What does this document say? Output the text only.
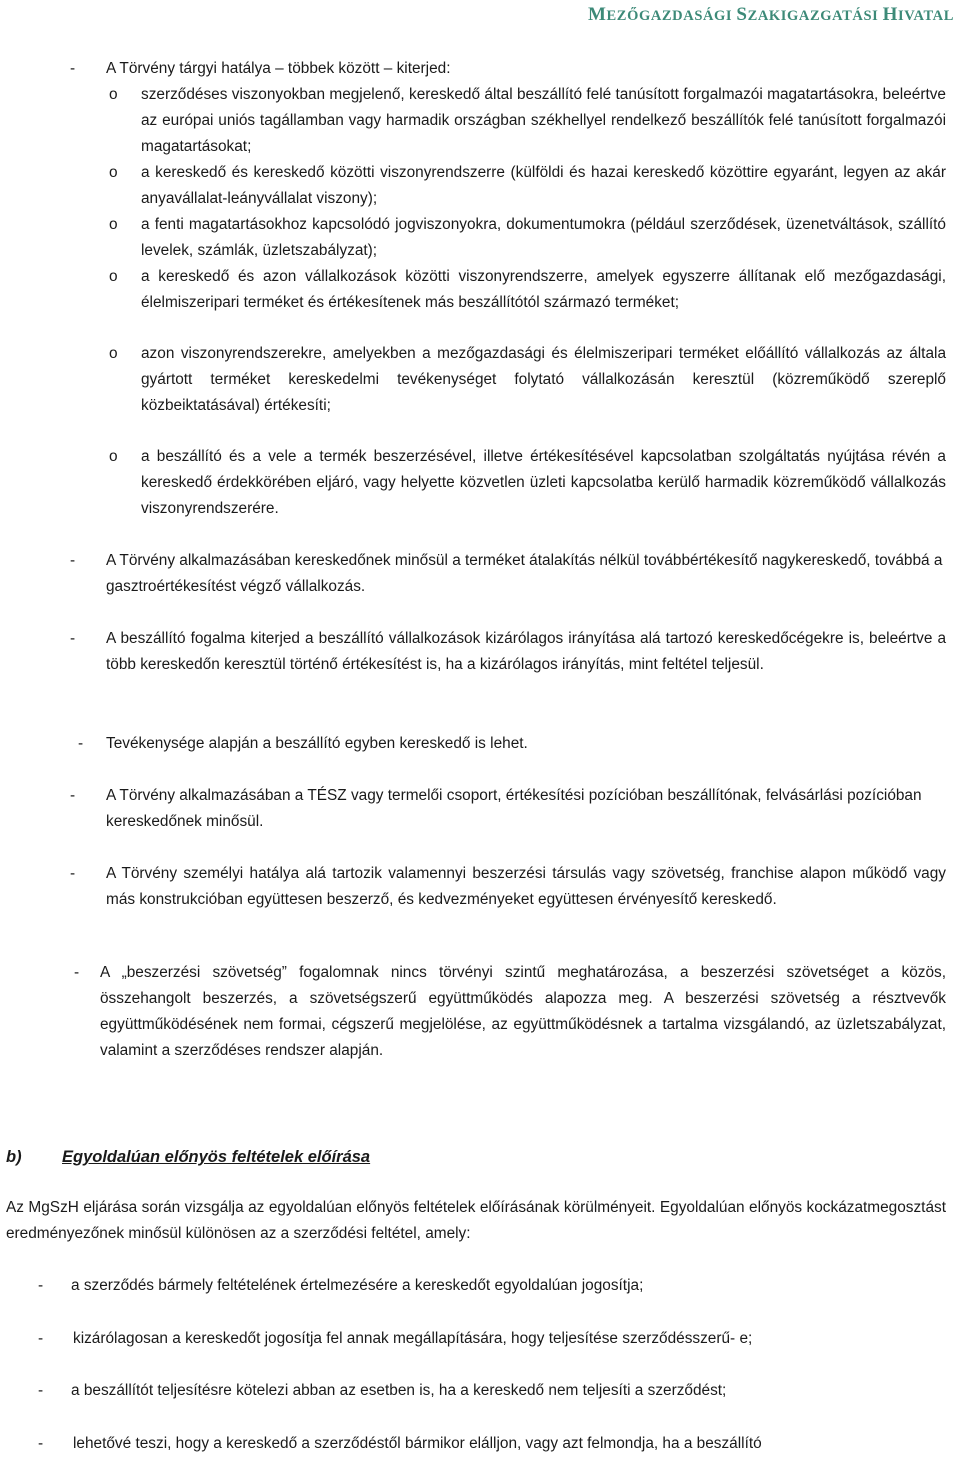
MEZŐGAZDASÁGI SZAKIGAZGATÁSI HIVATAL
- A Törvény tárgyi hatálya – többek között – kiterjed:
o szerződéses viszonyokban megjelenő, kereskedő által beszállító felé tanúsított forgalmazói magatartásokra, beleértve az európai uniós tagállamban vagy harmadik országban székhellyel rendelkező beszállítók felé tanúsított forgalmazói magatartásokat;
o a kereskedő és kereskedő közötti viszonyrendszerre (külföldi és hazai kereskedő közöttire egyaránt, legyen az akár anyavállalat-leányvállalat viszony);
o a fenti magatartásokhoz kapcsolódó jogviszonyokra, dokumentumokra (például szerződések, üzenetváltások, szállító levelek, számlák, üzletszabályzat);
o a kereskedő és azon vállalkozások közötti viszonyrendszerre, amelyek egyszerre állítanak elő mezőgazdasági, élelmiszeripari terméket és értékesítenek más beszállítótól származó terméket;
o azon viszonyrendszerekre, amelyekben a mezőgazdasági és élelmiszeripari terméket előállító vállalkozás az általa gyártott terméket kereskedelmi tevékenységet folytató vállalkozásán keresztül (közreműködő szereplő közbeiktatásával) értékesíti;
o a beszállító és a vele a termék beszerzésével, illetve értékesítésével kapcsolatban szolgáltatás nyújtása révén a kereskedő érdekkörében eljáró, vagy helyette közvetlen üzleti kapcsolatba kerülő harmadik közreműködő vállalkozás viszonyrendszerére.
- A Törvény alkalmazásában kereskedőnek minősül a terméket átalakítás nélkül továbbértékesítő nagykereskedő, továbbá a gasztroértékesítést végző vállalkozás.
- A beszállító fogalma kiterjed a beszállító vállalkozások kizárólagos irányítása alá tartozó kereskedőcégekre is, beleértve a több kereskedőn keresztül történő értékesítést is, ha a kizárólagos irányítás, mint feltétel teljesül.
- Tevékenysége alapján a beszállító egyben kereskedő is lehet.
- A Törvény alkalmazásában a TÉSZ vagy termelői csoport, értékesítési pozícióban beszállítónak, felvásárlási pozícióban kereskedőnek minősül.
- A Törvény személyi hatálya alá tartozik valamennyi beszerzési társulás vagy szövetség, franchise alapon működő vagy más konstrukcióban együttesen beszerző, és kedvezményeket együttesen érvényesítő kereskedő.
- A „beszerzési szövetség” fogalomnak nincs törvényi szintű meghatározása, a beszerzési szövetséget a közös, összehangolt beszerzés, a szövetségszerű együttműködés alapozza meg. A beszerzési szövetség a résztvevők együttműködésének nem formai, cégszerű megjelölése, az együttműködésnek a tartalma vizsgálandó, az üzletszabályzat, valamint a szerződéses rendszer alapján.
b) Egyoldalúan előnyös feltételek előírása
Az MgSzH eljárása során vizsgálja az egyoldalúan előnyös feltételek előírásának körülményeit. Egyoldalúan előnyös kockázatmegosztást eredményezőnek minősül különösen az a szerződési feltétel, amely:
- a szerződés bármely feltételének értelmezésére a kereskedőt egyoldalúan jogosítja;
- kizárólagosan a kereskedőt jogosítja fel annak megállapítására, hogy teljesítése szerződésszerű- e;
- a beszállítót teljesítésre kötelezi abban az esetben is, ha a kereskedő nem teljesíti a szerződést;
- lehetővé teszi, hogy a kereskedő a szerződéstől bármikor elálljon, vagy azt felmondja, ha a beszállító
